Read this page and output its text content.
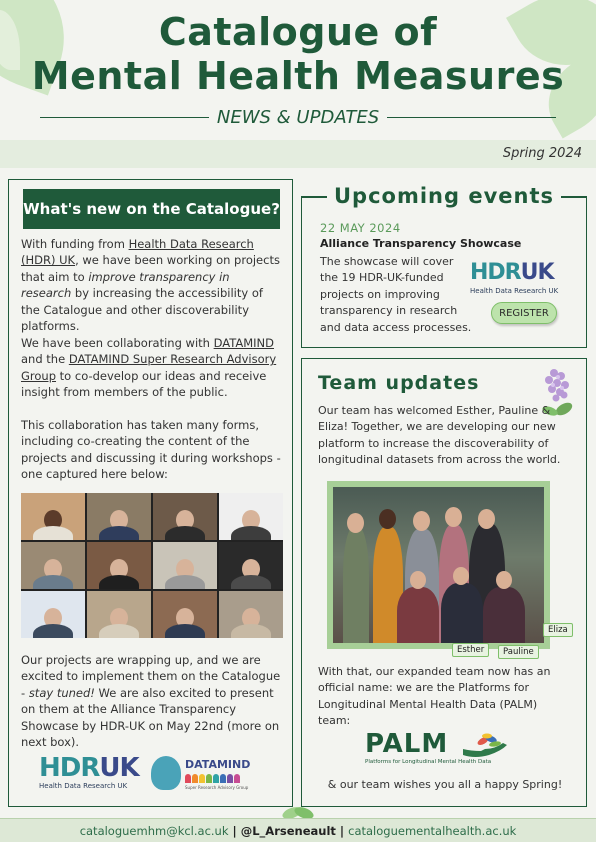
Catalogue of
Mental Health Measures
NEWS & UPDATES
Spring 2024
What's new on the Catalogue?
With funding from Health Data Research (HDR) UK, we have been working on projects that aim to improve transparency in research by increasing the accessibility of the Catalogue and other discoverability platforms.
We have been collaborating with DATAMIND and the DATAMIND Super Research Advisory Group to co-develop our ideas and receive insight from members of the public.
This collaboration has taken many forms, including co-creating the content of the projects and discussing it during workshops - one captured here below:
Our projects are wrapping up, and we are excited to implement them on the Catalogue - stay tuned! We are also excited to present on them at the Alliance Transparency Showcase by HDR-UK on May 22nd (more on next box).
HDRUK
Health Data Research UK
DATAMIND
Super Research Advisory Group
22 MAY 2024
Alliance Transparency Showcase
The showcase will cover the 19 HDR-UK-funded projects on improving transparency in research and data access processes.
HDRUK
Health Data Research UK
REGISTER
Upcoming events
Team updates
Our team has welcomed Esther, Pauline & Eliza! Together, we are developing our new platform to increase the discoverability of longitudinal datasets from across the world.
Esther	Pauline
Eliza
With that, our expanded team now has an official name: we are the Platforms for Longitudinal Mental Health Data (PALM) team:
PALM
Platforms for Longitudinal Mental Health Data
& our team wishes you all a happy Spring!
cataloguemhm@kcl.ac.uk | @L_Arseneault | cataloguementalhealth.ac.uk
